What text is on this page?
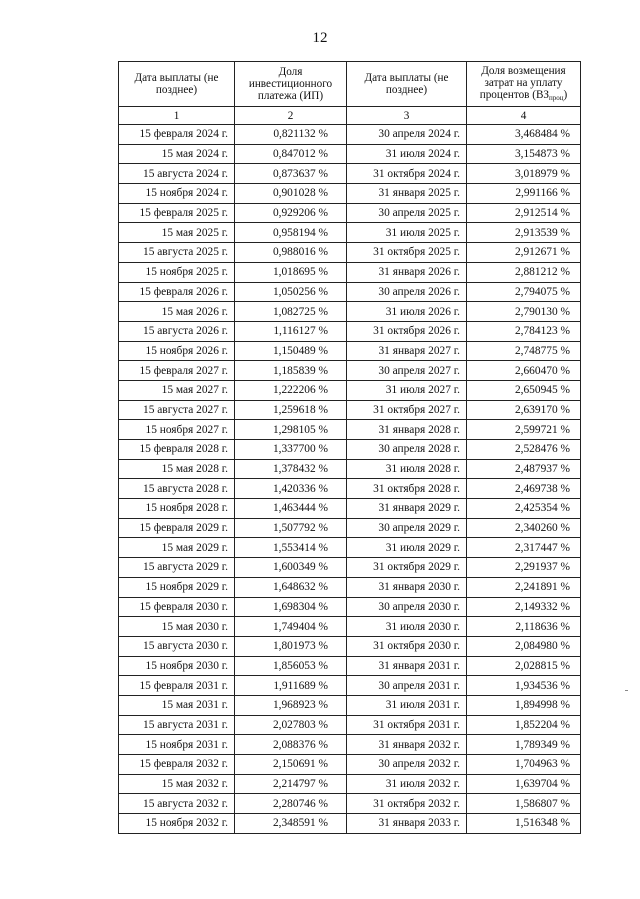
12
Дата выплаты (не позднее)	Доля инвестиционного платежа (ИП)	Дата выплаты (не позднее)	Доля возмещения затрат на уплату процентов $(ВЗ_{проц})$
1	2	3	4
15 февраля 2024 г.	0,821132 %	30 апреля 2024 г.	3,468484 %
15 мая 2024 г.	0,847012 %	31 июля 2024 г.	3,154873 %
15 августа 2024 г.	0,873637 %	31 октября 2024 г.	3,018979 %
15 ноября 2024 г.	0,901028 %	31 января 2025 г.	2,991166 %
15 февраля 2025 г.	0,929206 %	30 апреля 2025 г.	2,912514 %
15 мая 2025 г.	0,958194 %	31 июля 2025 г.	2,913539 %
15 августа 2025 г.	0,988016 %	31 октября 2025 г.	2,912671 %
15 ноября 2025 г.	1,018695 %	31 января 2026 г.	2,881212 %
15 февраля 2026 г.	1,050256 %	30 апреля 2026 г.	2,794075 %
15 мая 2026 г.	1,082725 %	31 июля 2026 г.	2,790130 %
15 августа 2026 г.	1,116127 %	31 октября 2026 г.	2,784123 %
15 ноября 2026 г.	1,150489 %	31 января 2027 г.	2,748775 %
15 февраля 2027 г.	1,185839 %	30 апреля 2027 г.	2,660470 %
15 мая 2027 г.	1,222206 %	31 июля 2027 г.	2,650945 %
15 августа 2027 г.	1,259618 %	31 октября 2027 г.	2,639170 %
15 ноября 2027 г.	1,298105 %	31 января 2028 г.	2,599721 %
15 февраля 2028 г.	1,337700 %	30 апреля 2028 г.	2,528476 %
15 мая 2028 г.	1,378432 %	31 июля 2028 г.	2,487937 %
15 августа 2028 г.	1,420336 %	31 октября 2028 г.	2,469738 %
15 ноября 2028 г.	1,463444 %	31 января 2029 г.	2,425354 %
15 февраля 2029 г.	1,507792 %	30 апреля 2029 г.	2,340260 %
15 мая 2029 г.	1,553414 %	31 июля 2029 г.	2,317447 %
15 августа 2029 г.	1,600349 %	31 октября 2029 г.	2,291937 %
15 ноября 2029 г.	1,648632 %	31 января 2030 г.	2,241891 %
15 февраля 2030 г.	1,698304 %	30 апреля 2030 г.	2,149332 %
15 мая 2030 г.	1,749404 %	31 июля 2030 г.	2,118636 %
15 августа 2030 г.	1,801973 %	31 октября 2030 г.	2,084980 %
15 ноября 2030 г.	1,856053 %	31 января 2031 г.	2,028815 %
15 февраля 2031 г.	1,911689 %	30 апреля 2031 г.	1,934536 %
15 мая 2031 г.	1,968923 %	31 июля 2031 г.	1,894998 %
15 августа 2031 г.	2,027803 %	31 октября 2031 г.	1,852204 %
15 ноября 2031 г.	2,088376 %	31 января 2032 г.	1,789349 %
15 февраля 2032 г.	2,150691 %	30 апреля 2032 г.	1,704963 %
15 мая 2032 г.	2,214797 %	31 июля 2032 г.	1,639704 %
15 августа 2032 г.	2,280746 %	31 октября 2032 г.	1,586807 %
15 ноября 2032 г.	2,348591 %	31 января 2033 г.	1,516348 %
